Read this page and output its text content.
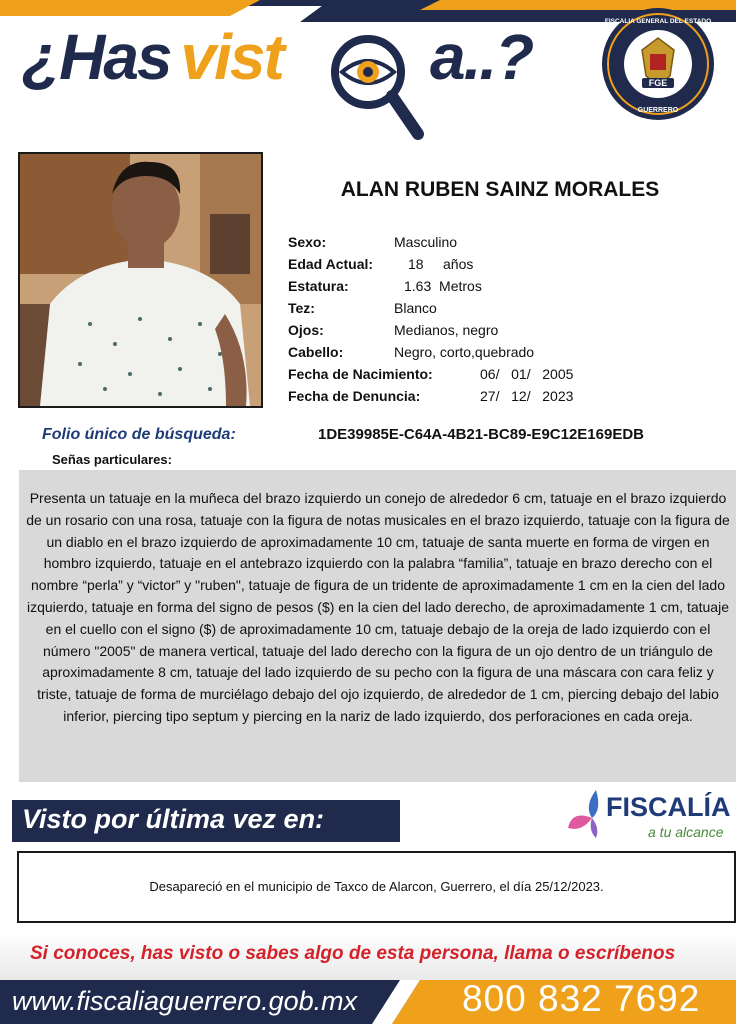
¿Has vist	a..?	FGE
FISCALIA GENERAL DEL ESTADO
GUERRERO
ALAN RUBEN SAINZ MORALES
Sexo:	Masculino
Edad Actual: 18     años
Estatura:	1.63  Metros
Tez:	Blanco
Ojos:	Medianos, negro
Cabello:	Negro, corto,quebrado
Fecha de Nacimiento:	06/   01/   2005
Fecha de Denuncia:	27/   12/   2023
Folio único de búsqueda:	1DE39985E-C64A-4B21-BC89-E9C12E169EDB
Señas particulares:
Presenta un tatuaje en la muñeca del brazo izquierdo un conejo de alrededor 6 cm, tatuaje en el brazo izquierdo de un rosario con una rosa, tatuaje con la figura de notas musicales en el brazo izquierdo, tatuaje con la figura de un diablo en el brazo izquierdo de aproximadamente 10 cm, tatuaje de santa muerte en forma de virgen en hombro izquierdo, tatuaje en el antebrazo izquierdo con la palabra “familia”, tatuaje en brazo derecho con el nombre “perla” y “victor” y "ruben", tatuaje de figura de un tridente de aproximadamente 1 cm en la cien del lado izquierdo, tatuaje en forma del signo de pesos ($) en la cien del lado derecho, de aproximadamente 1 cm, tatuaje en el cuello con el signo ($) de aproximadamente 10 cm, tatuaje debajo de la oreja de lado izquierdo con el número "2005" de manera vertical, tatuaje del lado derecho con la figura de un ojo dentro de un triángulo de aproximadamente 8 cm, tatuaje del lado izquierdo de su pecho con la figura de una máscara con cara feliz y triste, tatuaje de forma de murciélago debajo del ojo izquierdo, de alrededor de 1 cm, piercing debajo del labio inferior, piercing tipo septum y piercing en la nariz de lado izquierdo, dos perforaciones en cada oreja.
Visto por última vez en:	FISCALÍA
a tu alcance
Desapareció en el municipio de Taxco de Alarcon, Guerrero, el día 25/12/2023.
Si conoces, has visto o sabes algo de esta persona, llama o escríbenos
www.fiscaliaguerrero.gob.mx	800 832 7692
